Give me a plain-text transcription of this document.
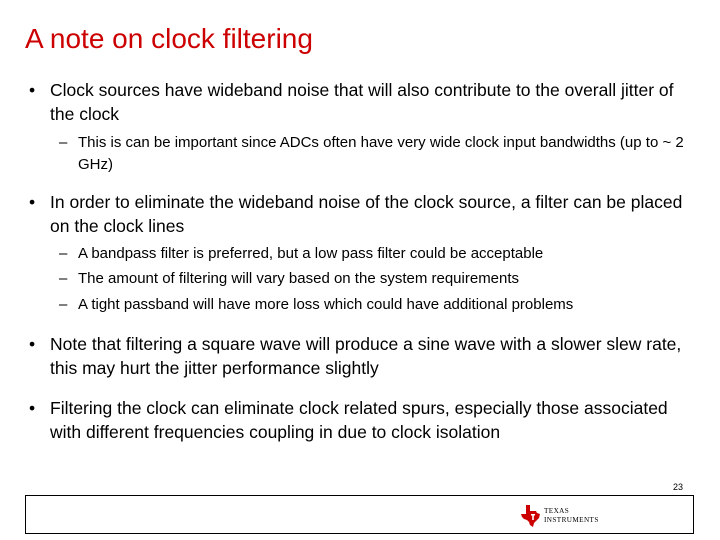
A note on clock filtering
• Clock sources have wideband noise that will also contribute to the overall jitter of the clock
– This is can be important since ADCs often have very wide clock input bandwidths (up to ~ 2 GHz)
• In order to eliminate the wideband noise of the clock source, a filter can be placed on the clock lines
– A bandpass filter is preferred, but a low pass filter could be acceptable
– The amount of filtering will vary based on the system requirements
– A tight passband will have more loss which could have additional problems
• Note that filtering a square wave will produce a sine wave with a slower slew rate, this may hurt the jitter performance slightly
• Filtering the clock can eliminate clock related spurs, especially those associated with different frequencies coupling in due to clock isolation
23
TEXAS
INSTRUMENTS
